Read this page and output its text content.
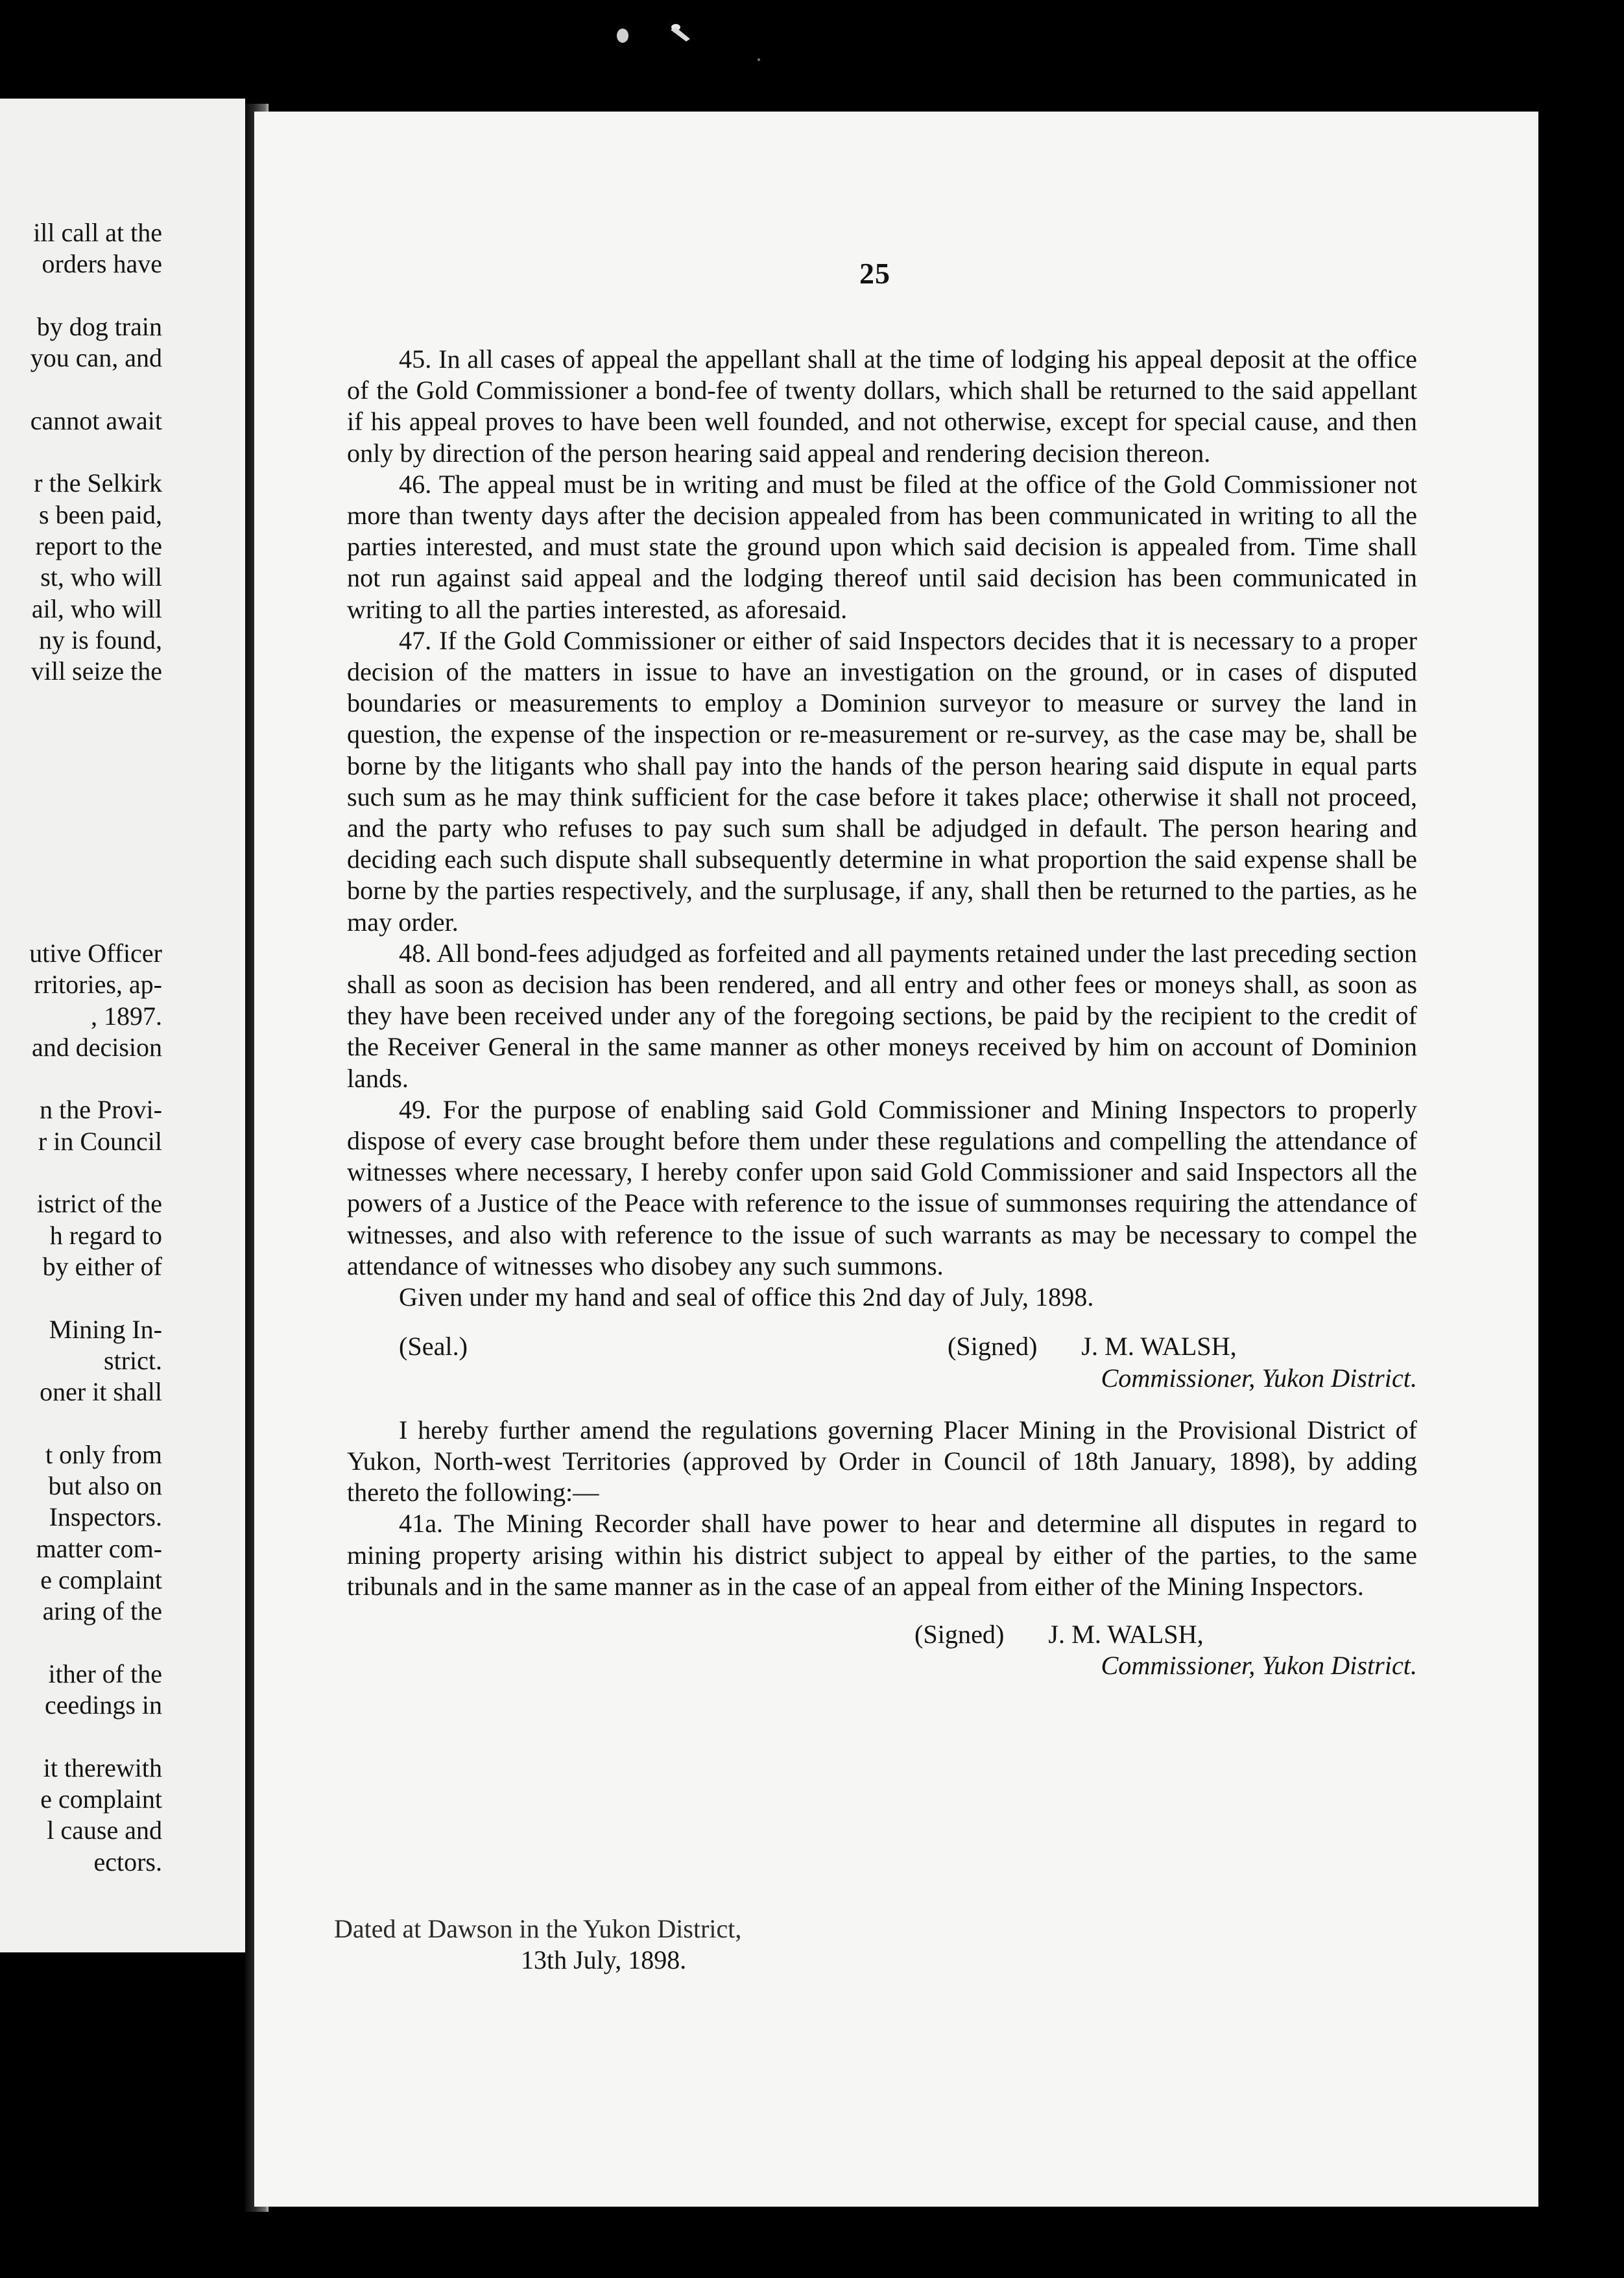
ill call at the

orders have

by dog train

you can, and

cannot await

r the Selkirk

s been paid,

report to the

st, who will

ail, who will

ny is found,

vill seize the

utive Officer

rritories, ap-

, 1897.

and decision

n the Provi-

r in Council

istrict of the

h regard to

by either of

Mining In-

strict.

oner it shall

t only from

but also on

Inspectors.

matter com-

e complaint

aring of the

ither of the

ceedings in

it therewith

e complaint

l cause and

ectors.

25

45. In all cases of appeal the appellant shall at the time of lodging his appeal deposit at the office of the Gold Commissioner a bond-fee of twenty dollars, which shall be returned to the said appellant if his appeal proves to have been well founded, and not otherwise, except for special cause, and then only by direction of the person hearing said appeal and rendering decision thereon.

46. The appeal must be in writing and must be filed at the office of the Gold Commissioner not more than twenty days after the decision appealed from has been communicated in writing to all the parties interested, and must state the ground upon which said decision is appealed from. Time shall not run against said appeal and the lodging thereof until said decision has been communicated in writing to all the parties interested, as aforesaid.

47. If the Gold Commissioner or either of said Inspectors decides that it is necessary to a proper decision of the matters in issue to have an investigation on the ground, or in cases of disputed boundaries or measurements to employ a Dominion surveyor to measure or survey the land in question, the expense of the inspection or re-measurement or re-survey, as the case may be, shall be borne by the litigants who shall pay into the hands of the person hearing said dispute in equal parts such sum as he may think sufficient for the case before it takes place; otherwise it shall not proceed, and the party who refuses to pay such sum shall be adjudged in default. The person hearing and deciding each such dispute shall subsequently determine in what proportion the said expense shall be borne by the parties respectively, and the surplusage, if any, shall then be returned to the parties, as he may order.

48. All bond-fees adjudged as forfeited and all payments retained under the last preceding section shall as soon as decision has been rendered, and all entry and other fees or moneys shall, as soon as they have been received under any of the foregoing sections, be paid by the recipient to the credit of the Receiver General in the same manner as other moneys received by him on account of Dominion lands.

49. For the purpose of enabling said Gold Commissioner and Mining Inspectors to properly dispose of every case brought before them under these regulations and compelling the attendance of witnesses where necessary, I hereby confer upon said Gold Commissioner and said Inspectors all the powers of a Justice of the Peace with reference to the issue of summonses requiring the attendance of witnesses, and also with reference to the issue of such warrants as may be necessary to compel the attendance of witnesses who disobey any such summons.

Given under my hand and seal of office this 2nd day of July, 1898.

(Seal.)	(Signed) J. M. WALSH,

Commissioner, Yukon District.

I hereby further amend the regulations governing Placer Mining in the Provisional District of Yukon, North-west Territories (approved by Order in Council of 18th January, 1898), by adding thereto the following:—

41a. The Mining Recorder shall have power to hear and determine all disputes in regard to mining property arising within his district subject to appeal by either of the parties, to the same tribunals and in the same manner as in the case of an appeal from either of the Mining Inspectors.

(Signed) J. M. WALSH,

Commissioner, Yukon District.

Dated at Dawson in the Yukon District,
13th July, 1898.
